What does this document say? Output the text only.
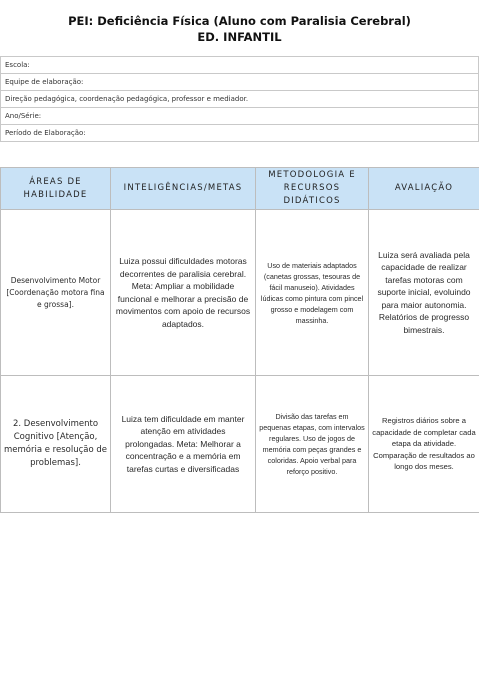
PEI: Deficiência Física (Aluno com Paralisia Cerebral)
ED. INFANTIL
Escola:
Equipe de elaboração:
Direção pedagógica, coordenação pedagógica, professor e mediador.
Ano/Série:
Período de Elaboração:
ÁREAS DE HABILIDADE	INTELIGÊNCIAS/METAS	METODOLOGIA E RECURSOS DIDÁTICOS	AVALIAÇÃO
Desenvolvimento Motor [Coordenação motora fina e grossa].	Luiza possui dificuldades motoras decorrentes de paralisia cerebral. Meta: Ampliar a mobilidade funcional e melhorar a precisão de movimentos com apoio de recursos adaptados.	Uso de materiais adaptados (canetas grossas, tesouras de fácil manuseio). Atividades lúdicas como pintura com pincel grosso e modelagem com massinha.	Luiza será avaliada pela capacidade de realizar tarefas motoras com suporte inicial, evoluindo para maior autonomia. Relatórios de progresso bimestrais.
2. Desenvolvimento Cognitivo [Atenção, memória e resolução de problemas].	Luiza tem dificuldade em manter atenção em atividades prolongadas. Meta: Melhorar a concentração e a memória em tarefas curtas e diversificadas	Divisão das tarefas em pequenas etapas, com intervalos regulares. Uso de jogos de memória com peças grandes e coloridas. Apoio verbal para reforço positivo.	Registros diários sobre a capacidade de completar cada etapa da atividade. Comparação de resultados ao longo dos meses.
